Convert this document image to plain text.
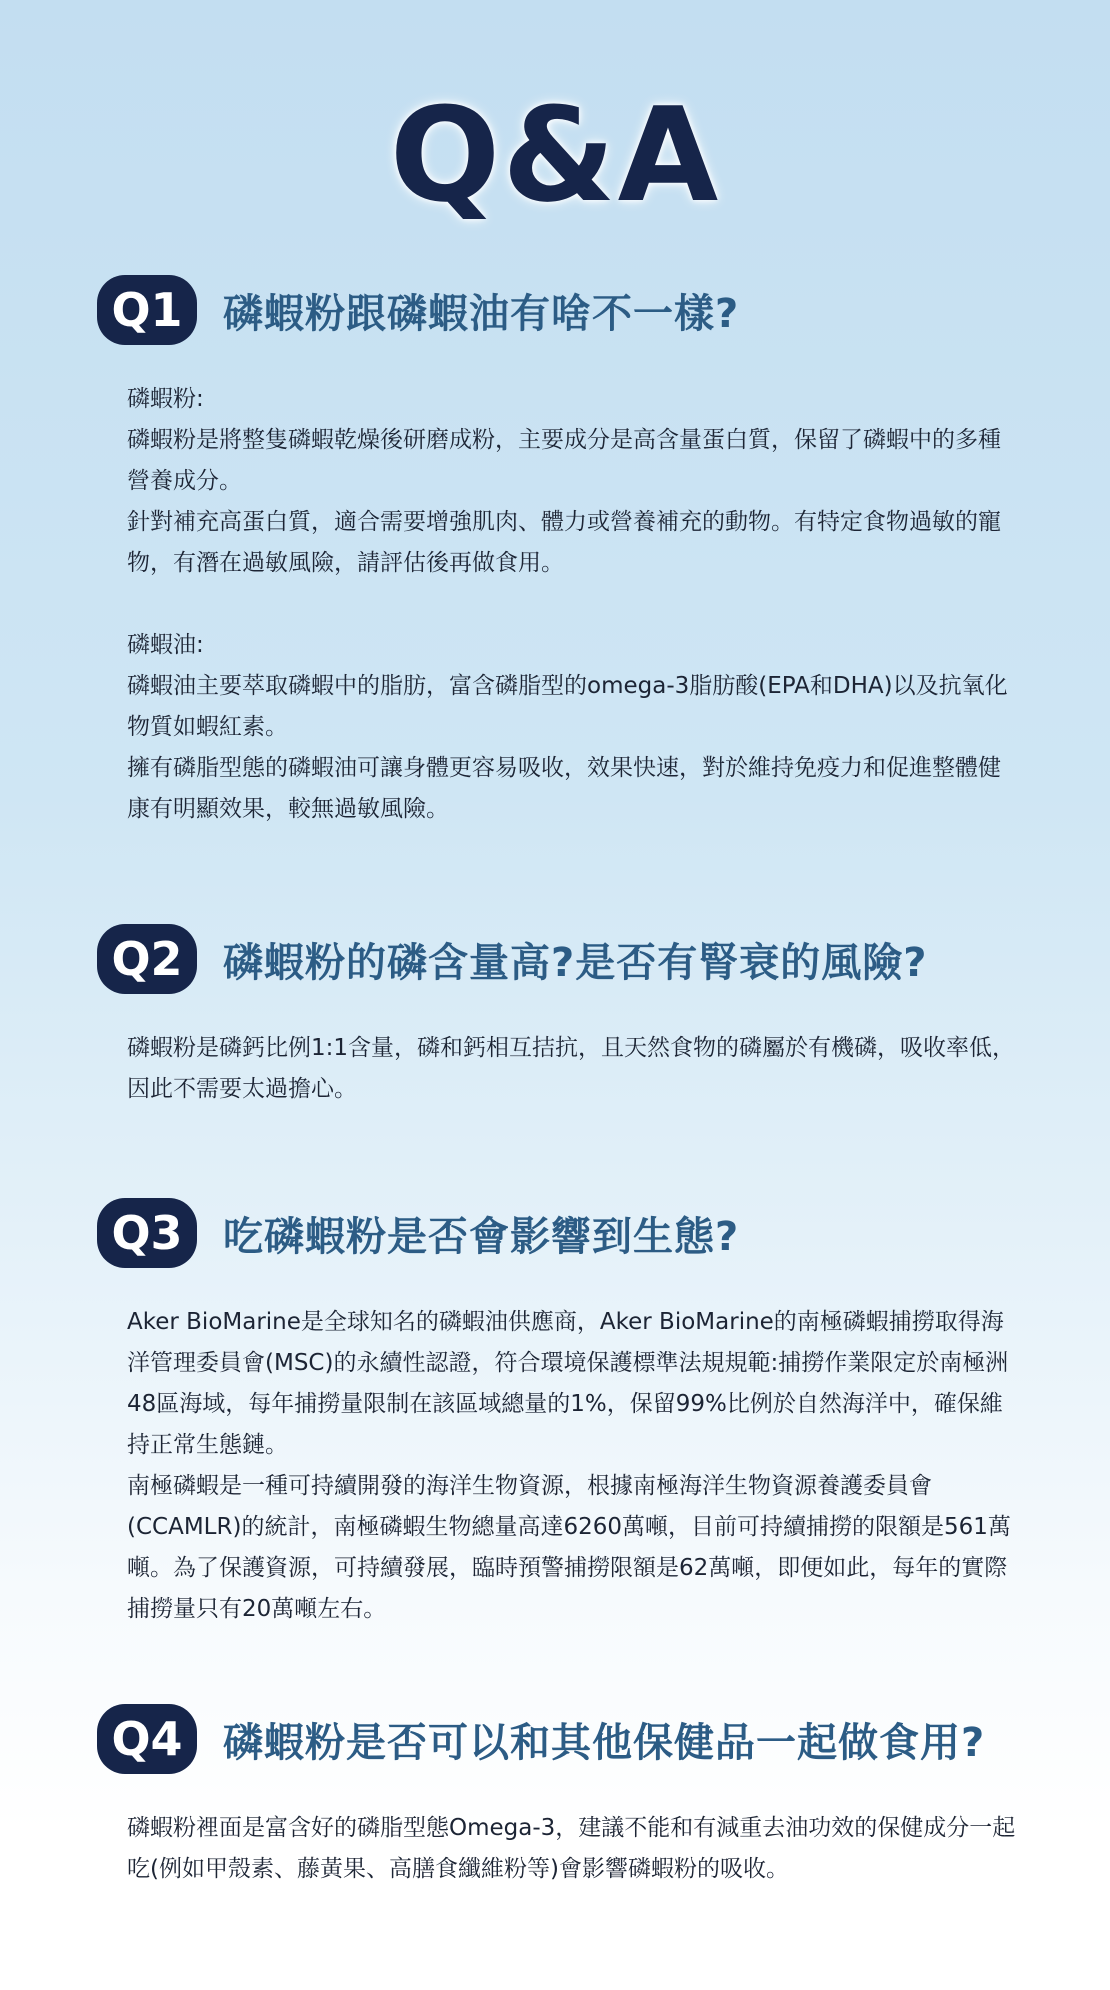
Q&A
Q1	磷蝦粉跟磷蝦油有啥不一樣?

磷蝦粉:

磷蝦粉是將整隻磷蝦乾燥後研磨成粉，主要成分是高含量蛋白質，保留了磷蝦中的多種營養成分。

針對補充高蛋白質，適合需要增強肌肉、體力或營養補充的動物。有特定食物過敏的寵物，有潛在過敏風險，請評估後再做食用。

磷蝦油:

磷蝦油主要萃取磷蝦中的脂肪，富含磷脂型的omega-3脂肪酸(EPA和DHA)以及抗氧化物質如蝦紅素。

擁有磷脂型態的磷蝦油可讓身體更容易吸收，效果快速，對於維持免疫力和促進整體健康有明顯效果，較無過敏風險。

Q2	磷蝦粉的磷含量高?是否有腎衰的風險?

磷蝦粉是磷鈣比例1:1含量，磷和鈣相互拮抗，且天然食物的磷屬於有機磷，吸收率低，因此不需要太過擔心。

Q3	吃磷蝦粉是否會影響到生態?

Aker BioMarine是全球知名的磷蝦油供應商，Aker BioMarine的南極磷蝦捕撈取得海洋管理委員會(MSC)的永續性認證，符合環境保護標準法規規範:捕撈作業限定於南極洲48區海域，每年捕撈量限制在該區域總量的1%，保留99%比例於自然海洋中，確保維持正常生態鏈。

南極磷蝦是一種可持續開發的海洋生物資源，根據南極海洋生物資源養護委員會(CCAMLR)的統計，南極磷蝦生物總量高達6260萬噸，目前可持續捕撈的限額是561萬噸。為了保護資源，可持續發展，臨時預警捕撈限額是62萬噸，即便如此，每年的實際捕撈量只有20萬噸左右。

Q4	磷蝦粉是否可以和其他保健品一起做食用?

磷蝦粉裡面是富含好的磷脂型態Omega-3，建議不能和有減重去油功效的保健成分一起吃(例如甲殼素、藤黃果、高膳食纖維粉等)會影響磷蝦粉的吸收。
